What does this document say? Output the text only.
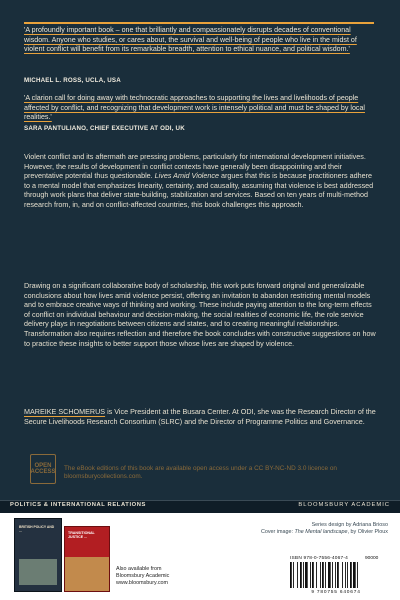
'A profoundly important book – one that brilliantly and compassionately disrupts decades of conventional wisdom. Anyone who studies, or cares about, the survival and well-being of people who live in the midst of violent conflict will benefit from its remarkable breadth, attention to ethical nuance, and political wisdom.'
MICHAEL L. ROSS, UCLA, USA
'A clarion call for doing away with technocratic approaches to supporting the lives and livelihoods of people affected by conflict, and recognizing that development work is intensely political and must be shaped by local realities.'
SARA PANTULIANO, CHIEF EXECUTIVE AT ODI, UK
Violent conflict and its aftermath are pressing problems, particularly for international development initiatives. However, the results of development in conflict contexts have generally been disappointing and their preventative potential thus questionable. Lives Amid Violence argues that this is because practitioners adhere to a mental model that emphasizes linearity, certainty, and causality, assuming that violence is best addressed through work plans that deliver state-building, stabilization and services. Based on ten years of multi-method research from, in, and on conflict-affected countries, this book challenges this approach.
Drawing on a significant collaborative body of scholarship, this work puts forward original and generalizable conclusions about how lives amid violence persist, offering an invitation to abandon restricting mental models and to embrace creative ways of thinking and working. These include paying attention to the long-term effects of conflict on individual behaviour and decision-making, the social realities of economic life, the role service delivery plays in negotiations between citizens and states, and to creating meaningful relationships. Transformation also requires reflection and therefore the book concludes with constructive suggestions on how to practice these insights to better support those whose lives are shaped by violence.
MAREIKE SCHOMERUS is Vice President at the Busara Center. At ODI, she was the Research Director of the Secure Livelihoods Research Consortium (SLRC) and the Director of Programme Politics and Governance.
OPEN
ACCESS The eBook editions of this book are available open access under a CC BY-NC-ND 3.0 licence on bloomsburycollections.com.
POLITICS & INTERNATIONAL RELATIONS	BLOOMSBURY ACADEMIC
BRITISH POLICY AND ...	TRANSITIONAL JUSTICE ...
Also available from
Bloomsbury Academic
www.bloomsbury.com
Series design by Adriana Brioso
Cover image: The Mental landscape, by Olivier Ploux
ISBN 978-0-7556-4067-4	90000
9 780755 640674
